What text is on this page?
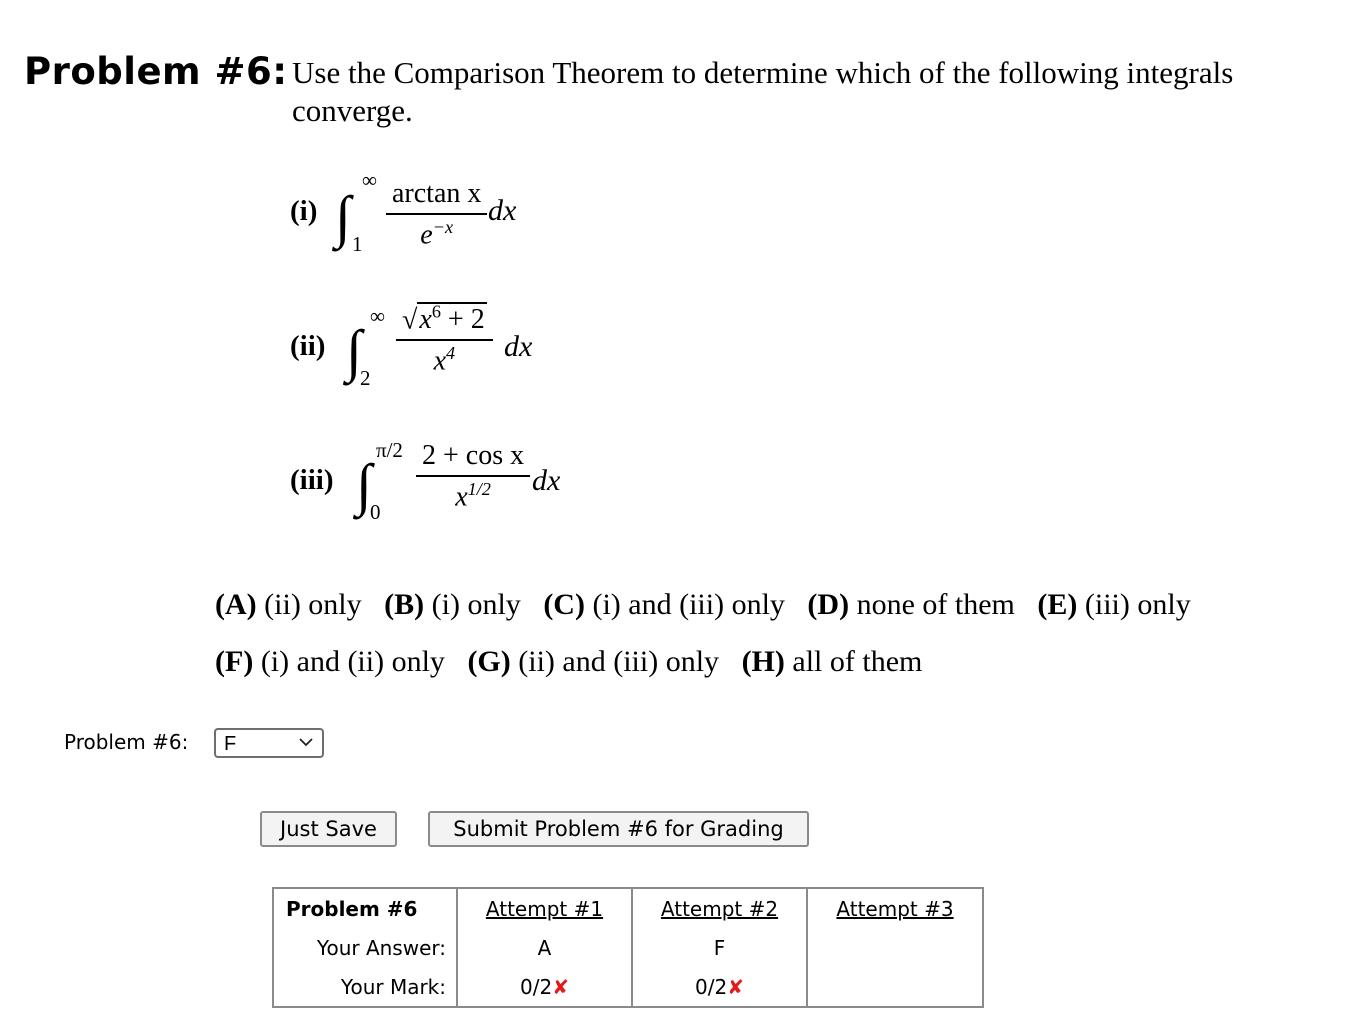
Problem #6: Use the Comparison Theorem to determine which of the following integrals
converge.
(i) ∫
∞
$1 \frac{\text{arctan x}}{e^{-x}}$ dx
(ii) ∫
∞
2
$\frac{√x^6 + 2}{x^4}$ dx
(iii) ∫
π/2
$0 \frac{\text{2 + cos x}}{x^{1/2}}$ dx
(A) (ii) only (B) (i) only (C) (i) and (iii) only (D) none of them (E) (iii) only
(F) (i) and (ii) only (G) (ii) and (iii) only (H) all of them
Problem #6: F
Just Save	Submit Problem #6 for Grading
Problem #6	Attempt #1	Attempt #2	Attempt #3
Your Answer:	A	F	
Your Mark:	0/2✘	0/2✘	
